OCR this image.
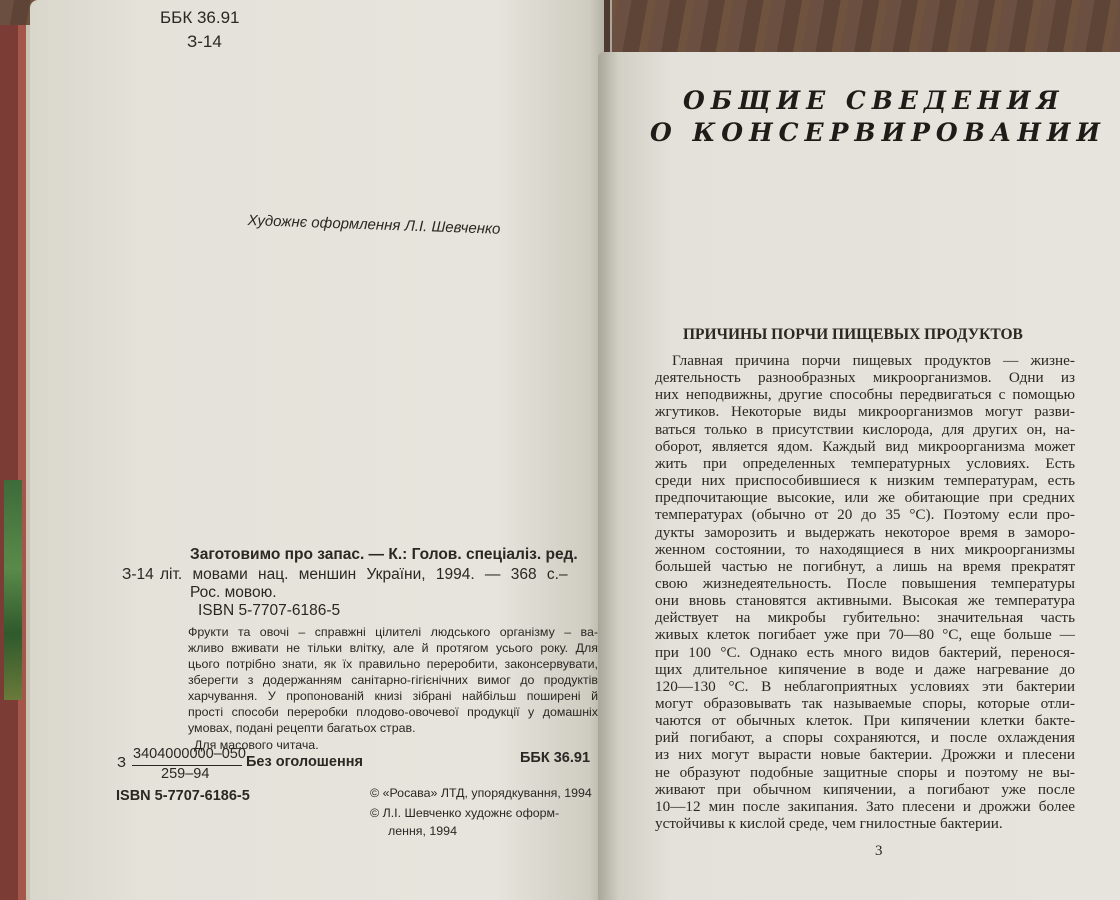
ББК 36.91
З-14
Художнє оформлення Л.І. Шевченко
Заготовимо про запас. — К.: Голов. спеціаліз. ред.
З-14 літ. мовами нац. меншин України, 1994. — 368 с.–
Рос. мовою.
ISBN 5-7707-6186-5
Фрукти та овочі – справжні цілителі людського організму – ва-
жливо вживати не тільки влітку, але й протягом усього року. Для
цього потрібно знати, як їх правильно переробити, законсервувати,
зберегти з додержанням санітарно-гігієнічних вимог до продуктів
харчування. У пропонованій книзі зібрані найбільш поширені й
прості способи переробки плодово-овочевої продукції у домашніх
умовах, подані рецепти багатьох страв.
Для масового читача.
З 3404000000–050
259–94
Без оголошення	ББК 36.91
ISBN 5-7707-6186-5	© «Росава» ЛТД, упорядкування, 1994
© Л.І. Шевченко художнє оформ-
лення, 1994
ОБЩИЕ СВЕДЕНИЯ
О КОНСЕРВИРОВАНИИ
ПРИЧИНЫ ПОРЧИ ПИЩЕВЫХ ПРОДУКТОВ
Главная причина порчи пищевых продуктов — жизне-
деятельность разнообразных микроорганизмов. Одни из
них неподвижны, другие способны передвигаться с помощью
жгутиков. Некоторые виды микроорганизмов могут разви-
ваться только в присутствии кислорода, для других он, на-
оборот, является ядом. Каждый вид микроорганизма может
жить при определенных температурных условиях. Есть
среди них приспособившиеся к низким температурам, есть
предпочитающие высокие, или же обитающие при средних
температурах (обычно от 20 до 35 °С). Поэтому если про-
дукты заморозить и выдержать некоторое время в заморо-
женном состоянии, то находящиеся в них микроорганизмы
большей частью не погибнут, а лишь на время прекратят
свою жизнедеятельность. После повышения температуры
они вновь становятся активными. Высокая же температура
действует на микробы губительно: значительная часть
живых клеток погибает уже при 70—80 °С, еще больше —
при 100 °С. Однако есть много видов бактерий, перенося-
щих длительное кипячение в воде и даже нагревание до
120—130 °С. В неблагоприятных условиях эти бактерии
могут образовывать так называемые споры, которые отли-
чаются от обычных клеток. При кипячении клетки бакте-
рий погибают, а споры сохраняются, и после охлаждения
из них могут вырасти новые бактерии. Дрожжи и плесени
не образуют подобные защитные споры и поэтому не вы-
живают при обычном кипячении, а погибают уже после
10—12 мин после закипания. Зато плесени и дрожжи более
устойчивы к кислой среде, чем гнилостные бактерии.
3
